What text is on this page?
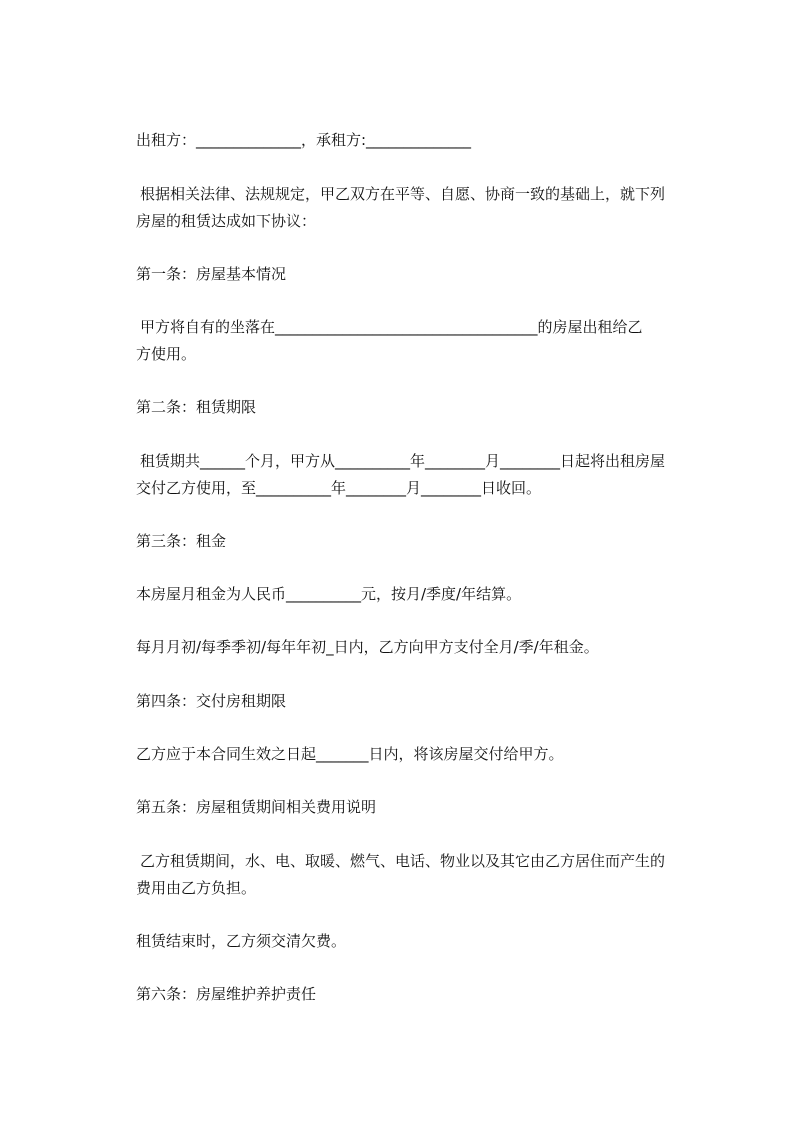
出租方：______________，承租方:______________
根据相关法律、法规规定，甲乙双方在平等、自愿、协商一致的基础上，就下列
房屋的租赁达成如下协议：
第一条：房屋基本情况
甲方将自有的坐落在___________________________________的房屋出租给乙
方使用。
第二条：租赁期限
租赁期共______个月，甲方从__________年________月________日起将出租房屋
交付乙方使用，至__________年________月________日收回。
第三条：租金
本房屋月租金为人民币__________元，按月/季度/年结算。
每月月初/每季季初/每年年初_日内，乙方向甲方支付全月/季/年租金。
第四条：交付房租期限
乙方应于本合同生效之日起_______日内，将该房屋交付给甲方。
第五条：房屋租赁期间相关费用说明
乙方租赁期间，水、电、取暖、燃气、电话、物业以及其它由乙方居住而产生的
费用由乙方负担。
租赁结束时，乙方须交清欠费。
第六条：房屋维护养护责任
